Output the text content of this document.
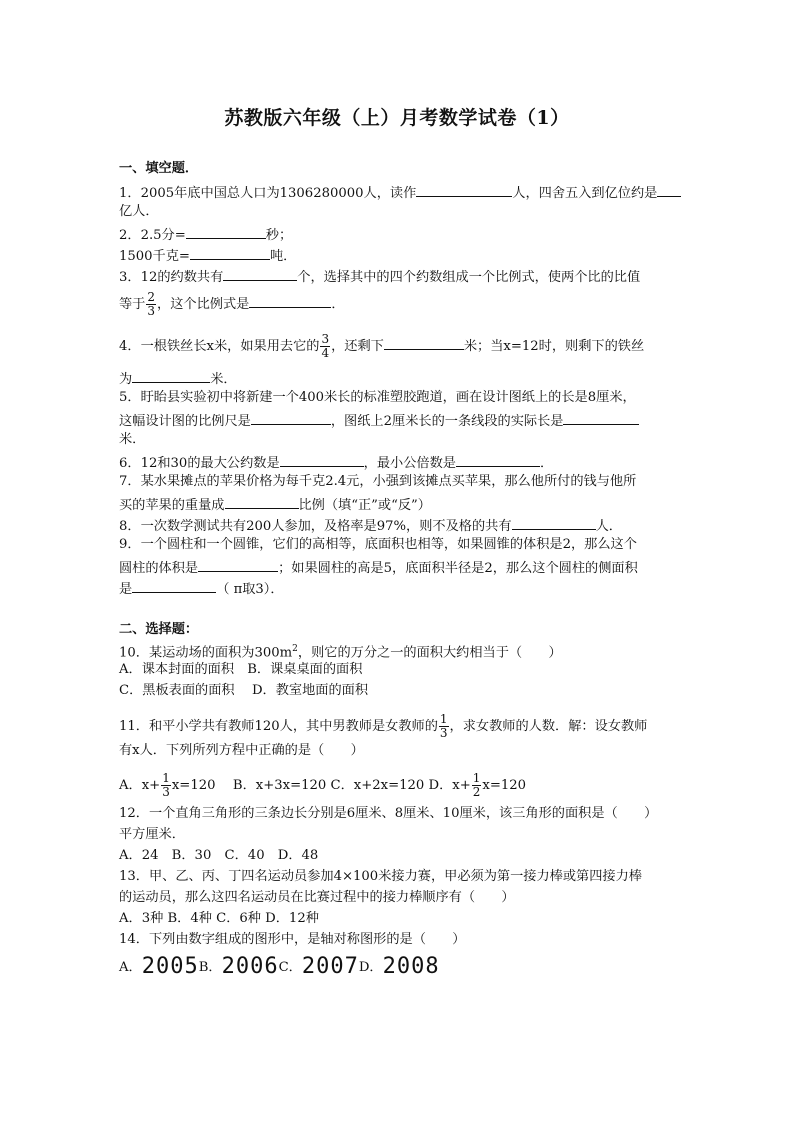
苏教版六年级（上）月考数学试卷（1）
一、填空题．
1．2005年底中国总人口为1306280000人，读作	人，四舍五入到亿位约是
亿人．
2．2.5分=	秒；
1500千克=	吨．
3．12的约数共有	个，选择其中的四个约数组成一个比例式，使两个比的比值
等于 $\frac{2}{3}$ ，这个比例式是	．
4．一根铁丝长x米，如果用去它的 $\frac{3}{4}$ ，还剩下	米；当x=12时，则剩下的铁丝
为	米．
5．盱眙县实验初中将新建一个400米长的标准塑胶跑道，画在设计图纸上的长是8厘米，
这幅设计图的比例尺是	，图纸上2厘米长的一条线段的实际长是
米．
6．12和30的最大公约数是	，最小公倍数是	．
7．某水果摊点的苹果价格为每千克2.4元，小强到该摊点买苹果，那么他所付的钱与他所
买的苹果的重量成	比例（填“正”或“反”）
8．一次数学测试共有200人参加，及格率是97%，则不及格的共有	人．
9．一个圆柱和一个圆锥，它们的高相等，底面积也相等，如果圆锥的体积是2，那么这个
圆柱的体积是	；如果圆柱的高是5，底面积半径是2，那么这个圆柱的侧面积
是	（ π取3）．
二、选择题：
10．某运动场的面积为$300m^2$，则它的万分之一的面积大约相当于（　　）
A．课本封面的面积　B．课桌桌面的面积
C．黑板表面的面积　 D．教室地面的面积
11．和平小学共有教师120人，其中男教师是女教师的 $\frac{1}{3}$ ，求女教师的人数．解：设女教师
有x人．下列所列方程中正确的是（　　）
A．$x+ \frac{1}{3} x=120$　 B．x+3x=120 C．x+2x=120 D．$x+ \frac{1}{2} x=120$
12．一个直角三角形的三条边长分别是6厘米、8厘米、10厘米，该三角形的面积是（　　）
平方厘米．
A．24　B．30　C．40　D．48
13．甲、乙、丙、丁四名运动员参加4×100米接力赛，甲必须为第一接力棒或第四接力棒
的运动员，那么这四名运动员在比赛过程中的接力棒顺序有（　　）
A．3种 B．4种 C．6种 D．12种
14．下列由数字组成的图形中，是轴对称图形的是（　　）
A．2005B．2006C．2007D．2008
